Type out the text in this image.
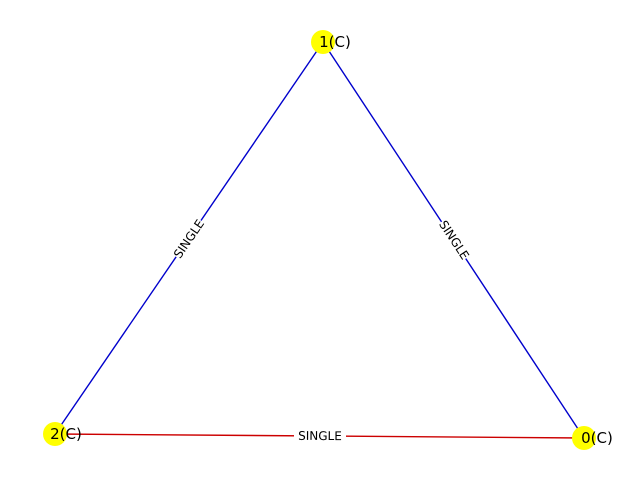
SINGLE	SINGLE
SINGLE
1(C)
2(C)	0(C)
